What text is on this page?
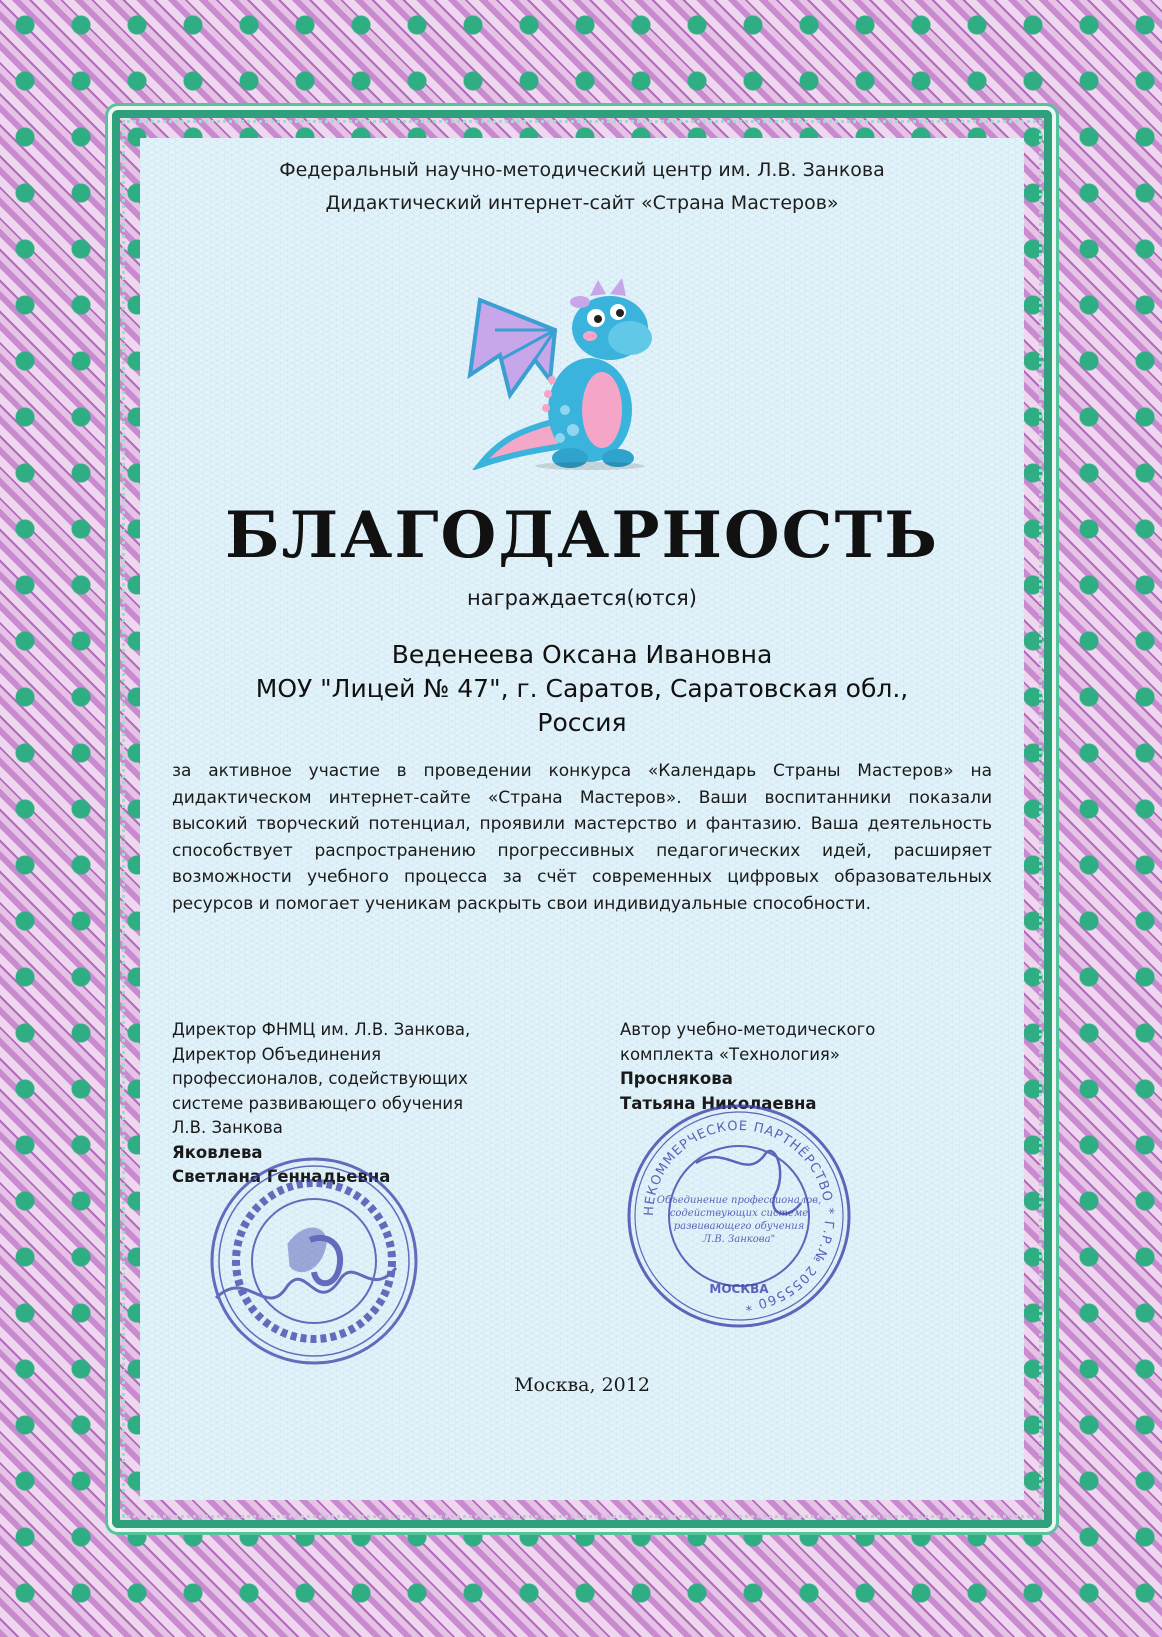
Федеральный научно-методический центр им. Л.В. Занкова
Дидактический интернет-сайт «Страна Мастеров»
БЛАГОДАРНОСТЬ
награждается(ются)
Веденеева Оксана Ивановна
МОУ "Лицей № 47", г. Саратов, Саратовская обл.,
Россия
за активное участие в проведении конкурса «Календарь Страны Мастеров» на дидактическом интернет-сайте «Страна Мастеров». Ваши воспитанники показали высокий творческий потенциал, проявили мастерство и фантазию. Ваша деятельность способствует распространению прогрессивных педагогических идей, расширяет возможности учебного процесса за счёт современных цифровых образовательных ресурсов и помогает ученикам раскрыть свои индивидуальные способности.
Директор ФНМЦ им. Л.В. Занкова,
Директор Объединения
профессионалов, содействующих
системе развивающего обучения
Л.В. Занкова
Яковлева
Светлана Геннадьевна
Автор учебно-методического
комплекта «Технология»
Проснякова
Татьяна Николаевна
НЕКОММЕРЧЕСКОЕ ПАРТНЁРСТВО * Г.Р.№ 2055560 *
МОСКВА
Объединение профессионалов,
содействующих системе
развивающего обучения
Л.В. Занкова"
Москва, 2012
